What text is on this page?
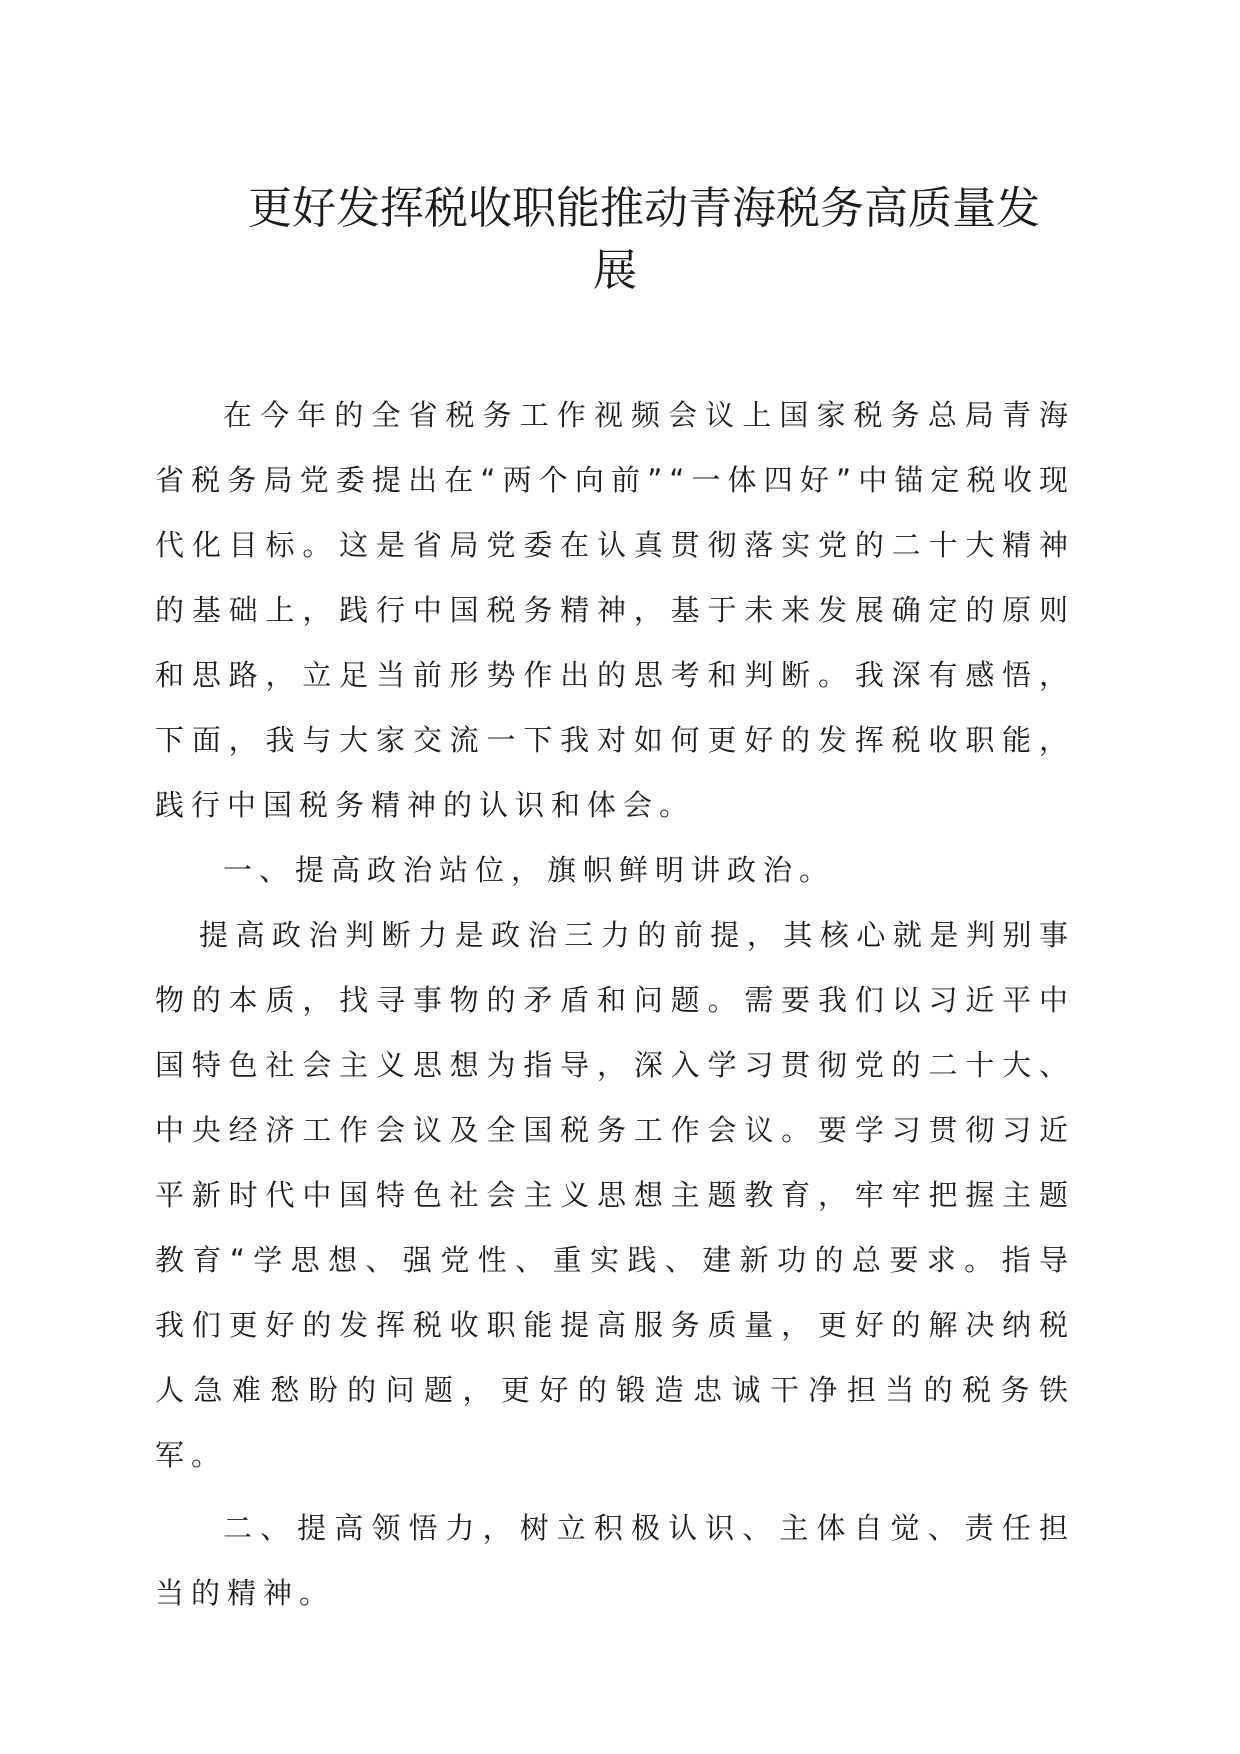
更好发挥税收职能推动青海税务高质量发
展

在今年的全省税务工作视频会议上国家税务总局青海省税务局党委提出在“两个向前”“一体四好”中锚定税收现代化目标。这是省局党委在认真贯彻落实党的二十大精神的基础上，践行中国税务精神，基于未来发展确定的原则和思路，立足当前形势作出的思考和判断。我深有感悟，下面，我与大家交流一下我对如何更好的发挥税收职能，践行中国税务精神的认识和体会。

一、提高政治站位，旗帜鲜明讲政治。

提高政治判断力是政治三力的前提，其核心就是判别事物的本质，找寻事物的矛盾和问题。需要我们以习近平中国特色社会主义思想为指导，深入学习贯彻党的二十大、中央经济工作会议及全国税务工作会议。要学习贯彻习近平新时代中国特色社会主义思想主题教育，牢牢把握主题教育“学思想、强党性、重实践、建新功的总要求。指导我们更好的发挥税收职能提高服务质量，更好的解决纳税人急难愁盼的问题，更好的锻造忠诚干净担当的税务铁军。

二、提高领悟力，树立积极认识、主体自觉、责任担当的精神。
